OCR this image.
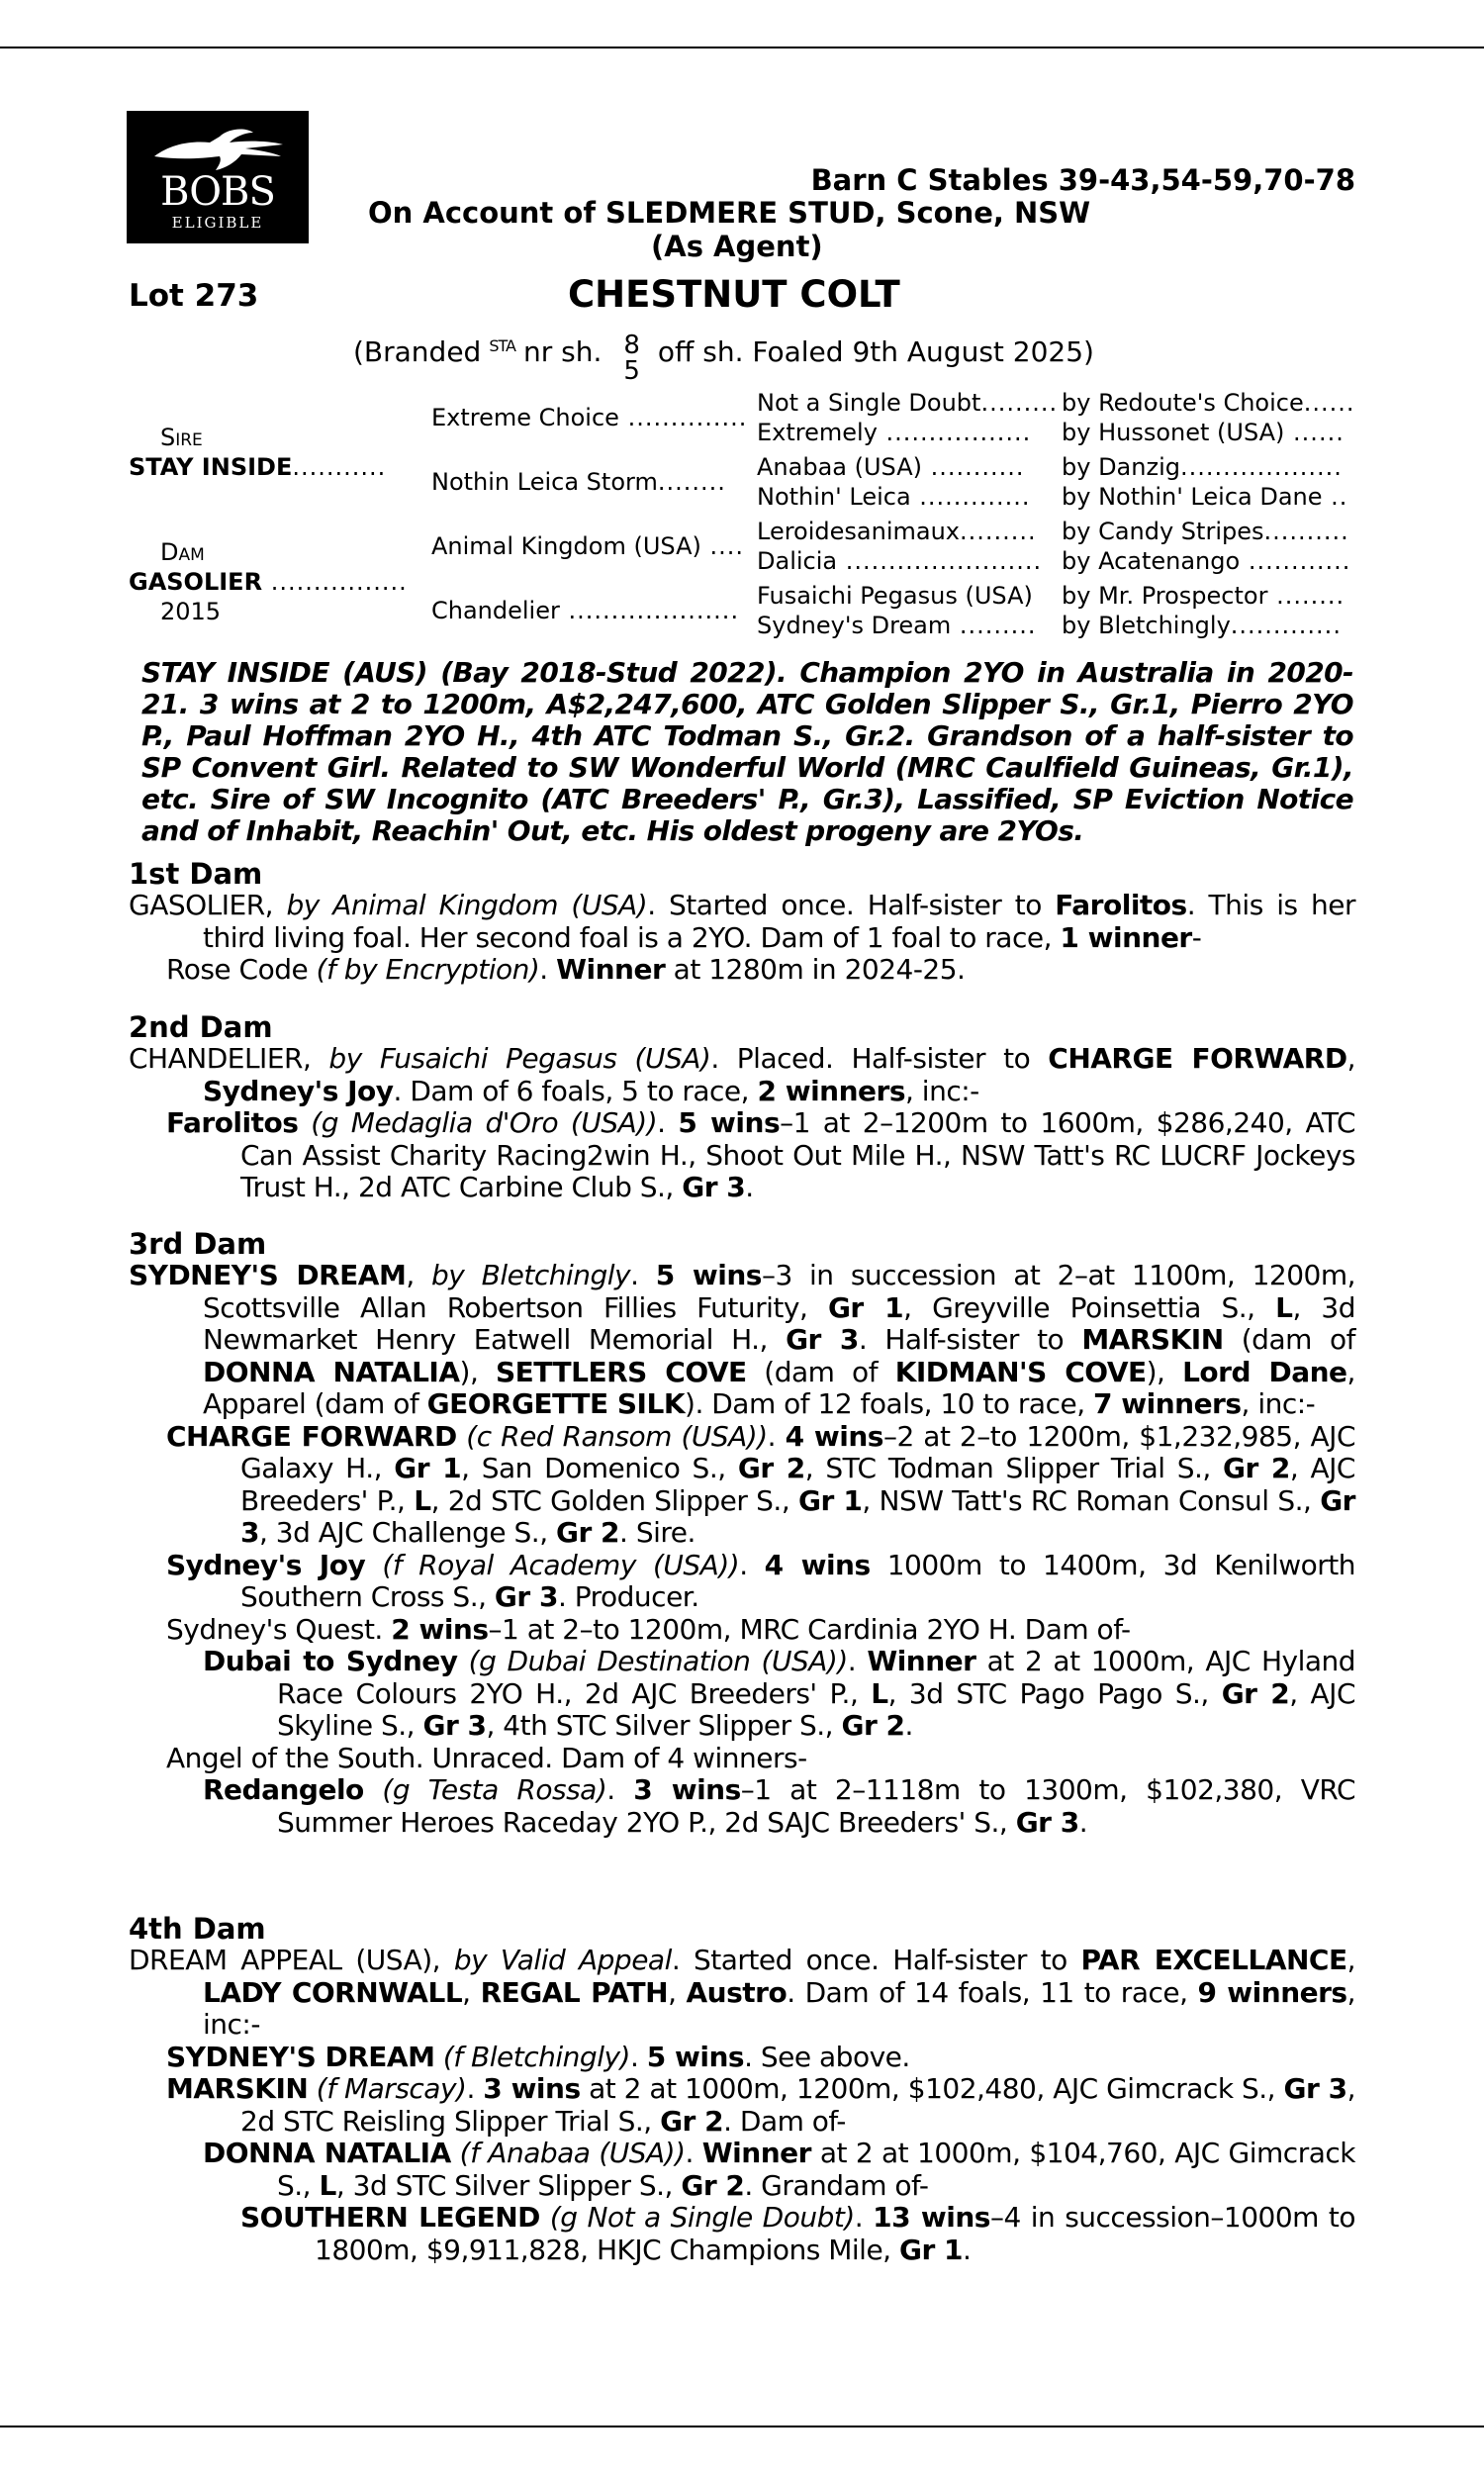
BOBS
ELIGIBLE
Barn C Stables 39-43,54-59,70-78
On Account of SLEDMERE STUD, Scone, NSW
(As Agent)
Lot 273	CHESTNUT COLT
(Branded STA nr sh. 8
5
off sh. Foaled 9th August 2025)
Sire
STAY INSIDE...........
Dam
GASOLIER ................
2015
Extreme Choice ..............
Nothin Leica Storm........
Animal Kingdom (USA) ....
Chandelier ....................
Not a Single Doubt......... by Redoute's Choice......
Extremely ................. by Hussonet (USA) ......
Anabaa (USA) ........... by Danzig...................
Nothin' Leica ............. by Nothin' Leica Dane ..
Leroidesanimaux......... by Candy Stripes..........
Dalicia ....................... by Acatenango ............
Fusaichi Pegasus (USA) by Mr. Prospector ........
Sydney's Dream ......... by Bletchingly.............
STAY INSIDE (AUS) (Bay 2018-Stud 2022). Champion 2YO in Australia in 2020-21. 3 wins at 2 to 1200m, A$2,247,600, ATC Golden Slipper S., Gr.1, Pierro 2YO P., Paul Hoffman 2YO H., 4th ATC Todman S., Gr.2. Grandson of a half-sister to SP Convent Girl. Related to SW Wonderful World (MRC Caulfield Guineas, Gr.1), etc. Sire of SW Incognito (ATC Breeders' P., Gr.3), Lassified, SP Eviction Notice and of Inhabit, Reachin' Out, etc. His oldest progeny are 2YOs.
1st Dam

GASOLIER, by Animal Kingdom (USA). Started once. Half-sister to Farolitos. This is her third living foal. Her second foal is a 2YO. Dam of 1 foal to race, 1 winner-

Rose Code (f by Encryption). Winner at 1280m in 2024-25.

2nd Dam

CHANDELIER, by Fusaichi Pegasus (USA). Placed. Half-sister to CHARGE FORWARD, Sydney's Joy. Dam of 6 foals, 5 to race, 2 winners, inc:-

Farolitos (g Medaglia d'Oro (USA)). 5 wins–1 at 2–1200m to 1600m, $286,240, ATC Can Assist Charity Racing2win H., Shoot Out Mile H., NSW Tatt's RC LUCRF Jockeys Trust H., 2d ATC Carbine Club S., Gr 3.

3rd Dam

SYDNEY'S DREAM, by Bletchingly. 5 wins–3 in succession at 2–at 1100m, 1200m, Scottsville Allan Robertson Fillies Futurity, Gr 1, Greyville Poinsettia S., L, 3d Newmarket Henry Eatwell Memorial H., Gr 3. Half-sister to MARSKIN (dam of DONNA NATALIA), SETTLERS COVE (dam of KIDMAN'S COVE), Lord Dane, Apparel (dam of GEORGETTE SILK). Dam of 12 foals, 10 to race, 7 winners, inc:-

CHARGE FORWARD (c Red Ransom (USA)). 4 wins–2 at 2–to 1200m, $1,232,985, AJC Galaxy H., Gr 1, San Domenico S., Gr 2, STC Todman Slipper Trial S., Gr 2, AJC Breeders' P., L, 2d STC Golden Slipper S., Gr 1, NSW Tatt's RC Roman Consul S., Gr 3, 3d AJC Challenge S., Gr 2. Sire.

Sydney's Joy (f Royal Academy (USA)). 4 wins 1000m to 1400m, 3d Kenilworth Southern Cross S., Gr 3. Producer.

Sydney's Quest. 2 wins–1 at 2–to 1200m, MRC Cardinia 2YO H. Dam of-

Dubai to Sydney (g Dubai Destination (USA)). Winner at 2 at 1000m, AJC Hyland Race Colours 2YO H., 2d AJC Breeders' P., L, 3d STC Pago Pago S., Gr 2, AJC Skyline S., Gr 3, 4th STC Silver Slipper S., Gr 2.

Angel of the South. Unraced. Dam of 4 winners-

Redangelo (g Testa Rossa). 3 wins–1 at 2–1118m to 1300m, $102,380, VRC Summer Heroes Raceday 2YO P., 2d SAJC Breeders' S., Gr 3.

4th Dam

DREAM APPEAL (USA), by Valid Appeal. Started once. Half-sister to PAR EXCELLANCE, LADY CORNWALL, REGAL PATH, Austro. Dam of 14 foals, 11 to race, 9 winners, inc:-

SYDNEY'S DREAM (f Bletchingly). 5 wins. See above.

MARSKIN (f Marscay). 3 wins at 2 at 1000m, 1200m, $102,480, AJC Gimcrack S., Gr 3, 2d STC Reisling Slipper Trial S., Gr 2. Dam of-

DONNA NATALIA (f Anabaa (USA)). Winner at 2 at 1000m, $104,760, AJC Gimcrack S., L, 3d STC Silver Slipper S., Gr 2. Grandam of-

SOUTHERN LEGEND (g Not a Single Doubt). 13 wins–4 in succession–1000m to 1800m, $9,911,828, HKJC Champions Mile, Gr 1.
